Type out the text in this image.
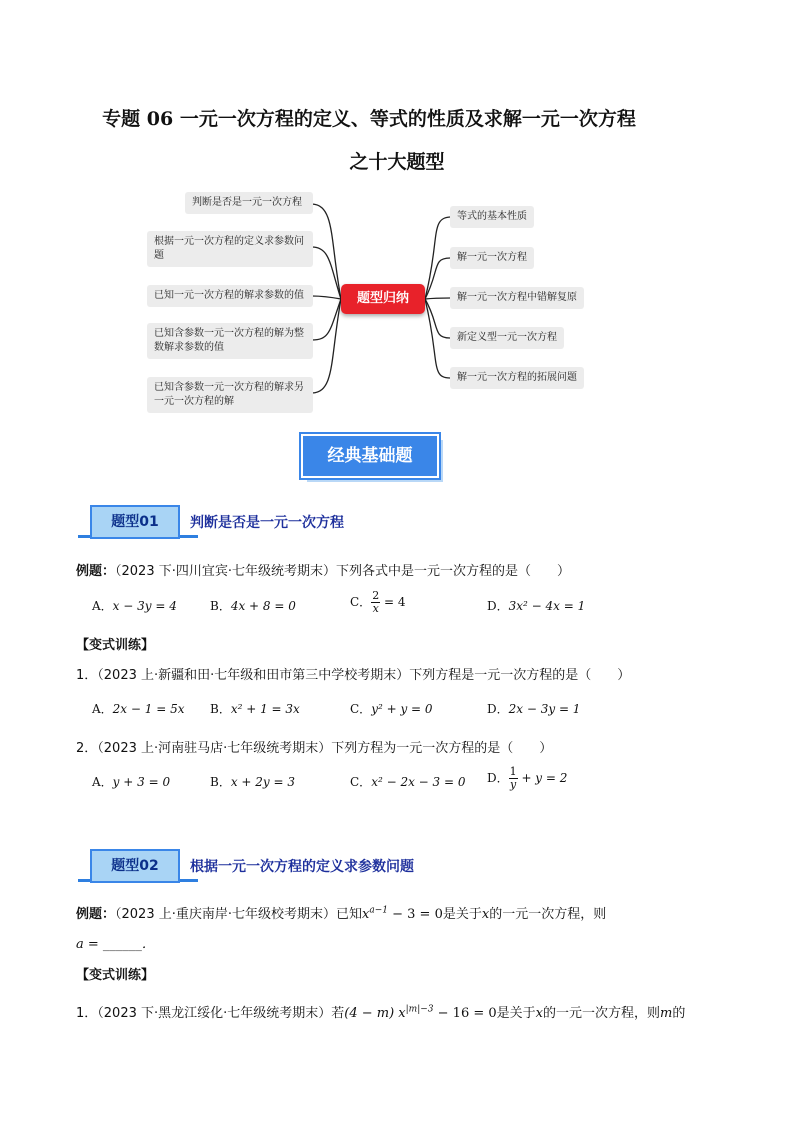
专题 06 一元一次方程的定义、等式的性质及求解一元一次方程
之十大题型
判断是否是一元一次方程
根据一元一次方程的定义求参数问题
已知一元一次方程的解求参数的值
已知含参数一元一次方程的解为整数解求参数的值
已知含参数一元一次方程的解求另一元一次方程的解
题型归纳
等式的基本性质
解一元一次方程
解一元一次方程中错解复原
新定义型一元一次方程
解一元一次方程的拓展问题
经典基础题
题型01	判断是否是一元一次方程
例题：（2023 下·四川宜宾·七年级统考期末）下列各式中是一元一次方程的是（　　）
A．x − 3y = 4	B．4x + 8 = 0	C． $\frac{2}{x} = 4$	D．3x² − 4x = 1
【变式训练】
1．（2023 上·新疆和田·七年级和田市第三中学校考期末）下列方程是一元一次方程的是（　　）
A．2x − 1 = 5x B．x² + 1 = 3x	C．y² + y = 0	D．2x − 3y = 1
2．（2023 上·河南驻马店·七年级统考期末）下列方程为一元一次方程的是（　　）
A．y + 3 = 0	B．x + 2y = 3	C．x² − 2x − 3 = 0 D． $\frac{1}{y} + y = 2$
题型02	根据一元一次方程的定义求参数问题
例题：（2023 上·重庆南岸·七年级校考期末）已知$x^{a-1} - 3 = 0$是关于x的一元一次方程，则
a = ______．
【变式训练】
1．（2023 下·黑龙江绥化·七年级统考期末）若(4 − m) $x^{|m|-3} - 16 = 0$是关于x的一元一次方程，则m的
